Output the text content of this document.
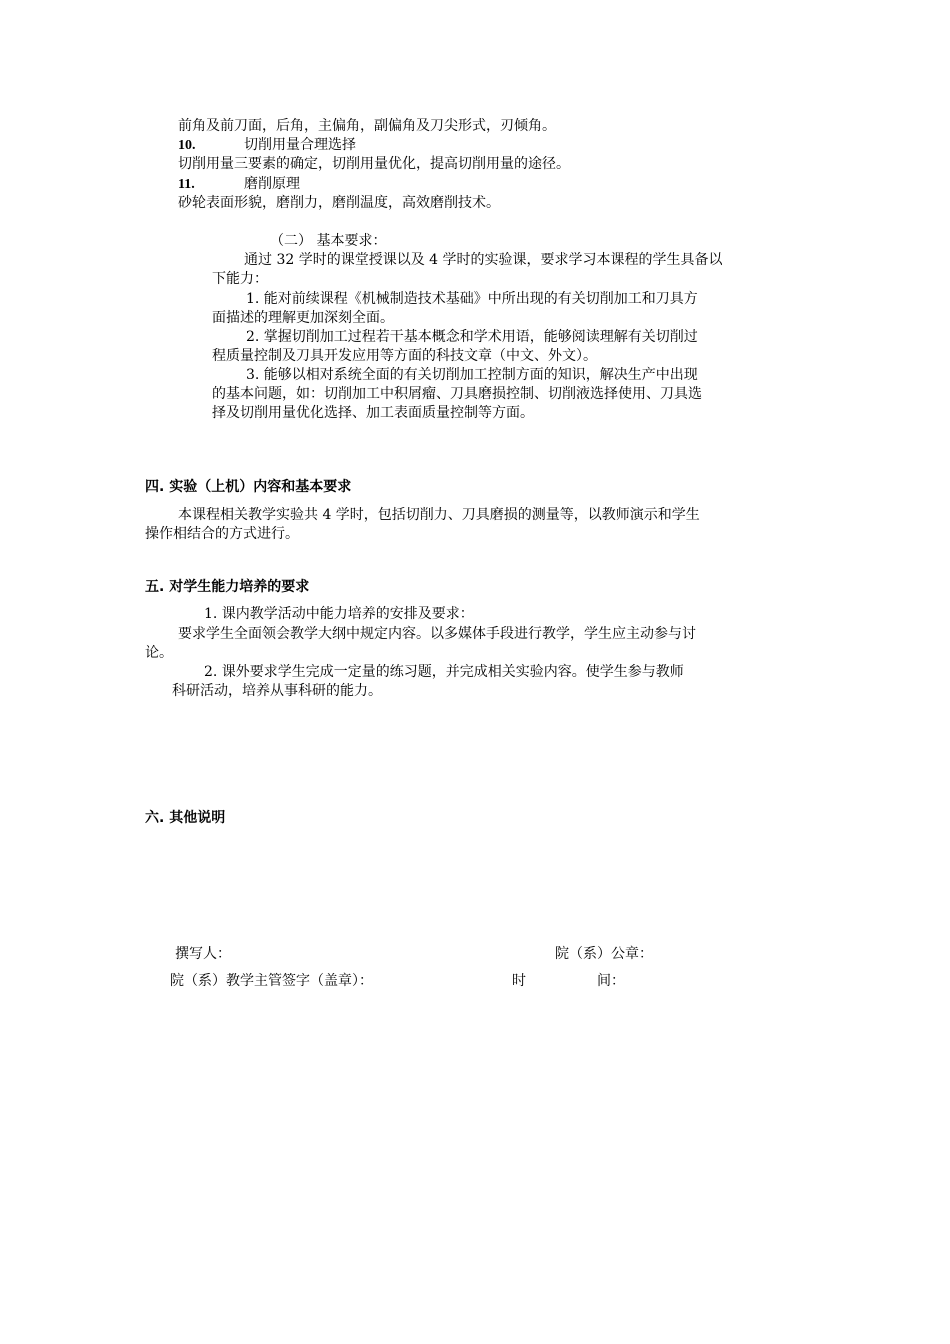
前角及前刀面，后角，主偏角，副偏角及刀尖形式，刃倾角。
10.	切削用量合理选择
切削用量三要素的确定，切削用量优化，提高切削用量的途径。
11.	磨削原理
砂轮表面形貌，磨削力，磨削温度，高效磨削技术。
（二） 基本要求：
通过 32 学时的课堂授课以及 4 学时的实验课，要求学习本课程的学生具备以
下能力：
1. 能对前续课程《机械制造技术基础》中所出现的有关切削加工和刀具方
面描述的理解更加深刻全面。
2. 掌握切削加工过程若干基本概念和学术用语，能够阅读理解有关切削过
程质量控制及刀具开发应用等方面的科技文章（中文、外文）。
3. 能够以相对系统全面的有关切削加工控制方面的知识，解决生产中出现
的基本问题，如：切削加工中积屑瘤、刀具磨损控制、切削液选择使用、刀具选
择及切削用量优化选择、加工表面质量控制等方面。
四. 实验（上机）内容和基本要求
本课程相关教学实验共 4 学时，包括切削力、刀具磨损的测量等，以教师演示和学生
操作相结合的方式进行。
五. 对学生能力培养的要求
1. 课内教学活动中能力培养的安排及要求：
要求学生全面领会教学大纲中规定内容。以多媒体手段进行教学，学生应主动参与讨
论。
2. 课外要求学生完成一定量的练习题，并完成相关实验内容。使学生参与教师
科研活动，培养从事科研的能力。
六. 其他说明
撰写人：	院（系）公章：
院（系）教学主管签字（盖章）：	时	间：
